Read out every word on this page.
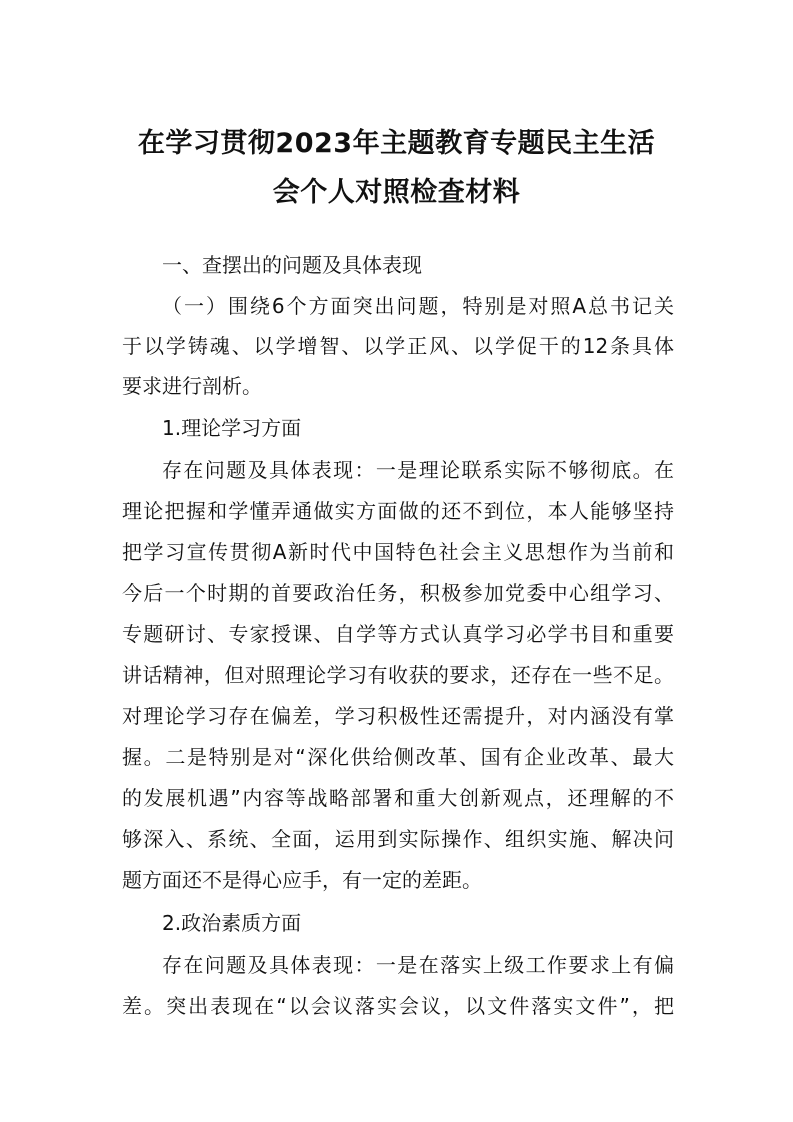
在学习贯彻2023年主题教育专题民主生活
会个人对照检查材料
一、查摆出的问题及具体表现
（一）围绕6个方面突出问题，特别是对照A总书记关
于以学铸魂、以学增智、以学正风、以学促干的12条具体
要求进行剖析。
1.理论学习方面
存在问题及具体表现：一是理论联系实际不够彻底。在
理论把握和学懂弄通做实方面做的还不到位，本人能够坚持
把学习宣传贯彻A新时代中国特色社会主义思想作为当前和
今后一个时期的首要政治任务，积极参加党委中心组学习、
专题研讨、专家授课、自学等方式认真学习必学书目和重要
讲话精神，但对照理论学习有收获的要求，还存在一些不足。
对理论学习存在偏差，学习积极性还需提升，对内涵没有掌
握。二是特别是对“深化供给侧改革、国有企业改革、最大
的发展机遇”内容等战略部署和重大创新观点，还理解的不
够深入、系统、全面，运用到实际操作、组织实施、解决问
题方面还不是得心应手，有一定的差距。
2.政治素质方面
存在问题及具体表现：一是在落实上级工作要求上有偏
差。突出表现在“以会议落实会议，以文件落实文件”，把
